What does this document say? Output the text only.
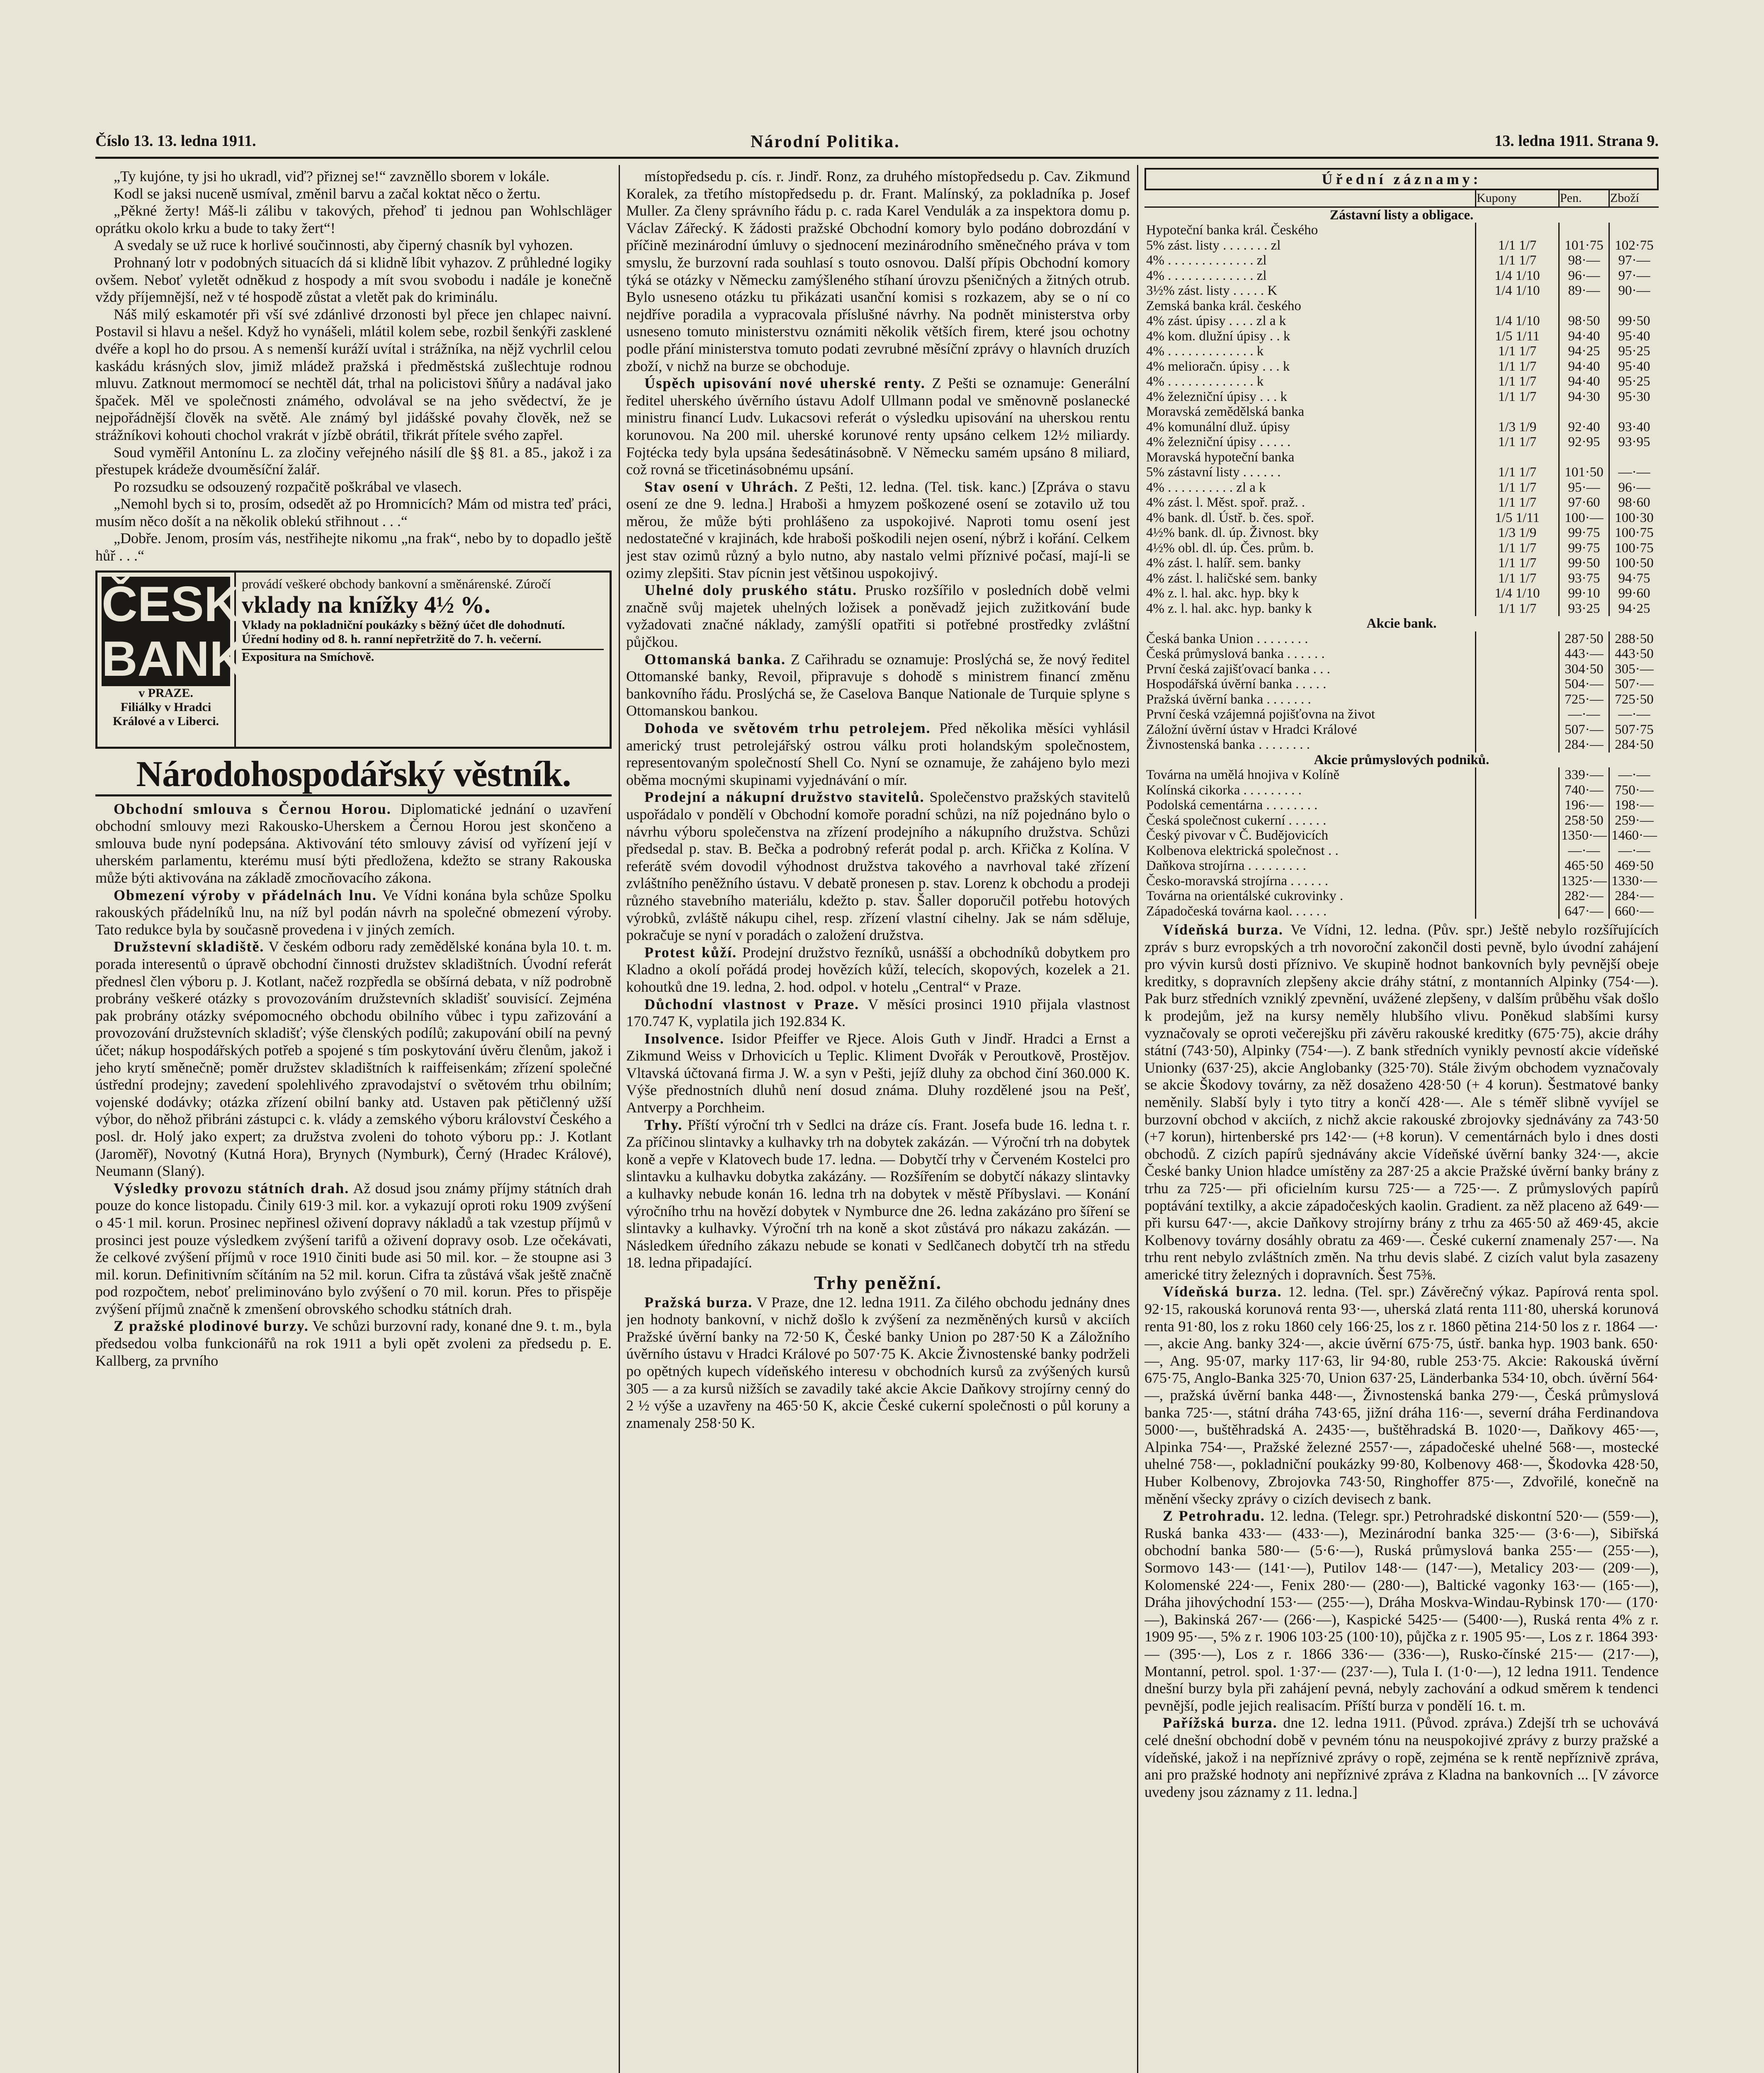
Číslo 13. 13. ledna 1911.	Národní Politika.	13. ledna 1911. Strana 9.

„Ty kujóne, ty jsi ho ukradl, viď? přiznej se!“ zavzněllo sborem v lokále.

Kodl se jaksi nuceně usmíval, změnil barvu a začal koktat něco o žertu.

„Pěkné žerty! Máš-li zálibu v takových, přehoď ti jednou pan Wohlschläger oprátku okolo krku a bude to taky žert“!

A svedaly se už ruce k horlivé součinnosti, aby čiperný chasník byl vyhozen.

Prohnaný lotr v podobných situacích dá si klidně líbit vyhazov. Z průhledné logiky ovšem. Neboť vyletět odněkud z hospody a mít svou svobodu i nadále je konečně vždy příjemnější, než v té hospodě zůstat a vletět pak do kriminálu.

Náš milý eskamotér při vší své zdánlivé drzonosti byl přece jen chlapec naivní. Postavil si hlavu a nešel. Když ho vynášeli, mlátil kolem sebe, rozbil šenkýři zasklené dvéře a kopl ho do prsou. A s nemenší kuráží uvítal i strážníka, na nějž vychrlil celou kaskádu krásných slov, jimiž mládež pražská i předměstská zušlechtuje rodnou mluvu. Zatknout mermomocí se nechtěl dát, trhal na policistovi šňůry a nadával jako špaček. Měl ve společnosti známého, odvolával se na jeho svědectví, že je nejpořádnější člověk na světě. Ale známý byl jidášské povahy člověk, než se strážníkovi kohouti chochol vrakrát v jízbě obrátil, třikrát přítele svého zapřel.

Soud vyměřil Antonínu L. za zločiny veřejného násilí dle §§ 81. a 85., jakož i za přestupek krádeže dvouměsíční žalář.

Po rozsudku se odsouzený rozpačitě poškrábal ve vlasech.

„Nemohl bych si to, prosím, odsedět až po Hromnicích? Mám od mistra teď práci, musím něco došít a na několik oblekú střihnout . . .“

„Dobře. Jenom, prosím vás, nestřihejte nikomu „na frak“, nebo by to dopadlo ještě hůř . . .“

ČESKÁ
BANKA
v PRAZE.
Filiálky v Hradci Králové a v Liberci.
provádí veškeré obchody bankovní a směnárenské. Zúročí
vklady na knížky 4½ %.
Vklady na pokladniční poukázky s běžný účet dle dohodnutí.
Úřední hodiny od 8. h. ranní nepřetržitě do 7. h. večerní.
Expositura na Smíchově.
Národohospodářský věstník.

Obchodní smlouva s Černou Horou. Diplomatické jednání o uzavření obchodní smlouvy mezi Rakousko-Uherskem a Černou Horou jest skončeno a smlouva bude nyní podepsána. Aktivování této smlouvy závisí od vyřízení její v uherském parlamentu, kterému musí býti předložena, kdežto se strany Rakouska může býti aktivována na základě zmocňovacího zákona.

Obmezení výroby v přádelnách lnu. Ve Vídni konána byla schůze Spolku rakouských přádelníků lnu, na níž byl podán návrh na společné obmezení výroby. Tato redukce byla by současně provedena i v jiných zemích.

Družstevní skladiště. V českém odboru rady zemědělské konána byla 10. t. m. porada interesentů o úpravě obchodní činnosti družstev skladištních. Úvodní referát přednesl člen výboru p. J. Kotlant, načež rozpředla se obšírná debata, v níž podrobně probrány veškeré otázky s provozováním družstevních skladišť souvisící. Zejména pak probrány otázky svépomocného obchodu obilního vůbec i typu zařizování a provozování družstevních skladišť; výše členských podílů; zakupování obilí na pevný účet; nákup hospodářských potřeb a spojené s tím poskytování úvěru členům, jakož i jeho krytí směnečně; poměr družstev skladištních k raiffeisenkám; zřízení společné ústřední prodejny; zavedení spolehlivého zpravodajství o světovém trhu obilním; vojenské dodávky; otázka zřízení obilní banky atd. Ustaven pak pětičlenný užší výbor, do něhož přibráni zástupci c. k. vlády a zemského výboru království Českého a posl. dr. Holý jako expert; za družstva zvoleni do tohoto výboru pp.: J. Kotlant (Jaroměř), Novotný (Kutná Hora), Brynych (Nymburk), Černý (Hradec Králové), Neumann (Slaný).

Výsledky provozu státních drah. Až dosud jsou známy příjmy státních drah pouze do konce listopadu. Činily 619·3 mil. kor. a vykazují oproti roku 1909 zvýšení o 45·1 mil. korun. Prosinec nepřinesl oživení dopravy nákladů a tak vzestup příjmů v prosinci jest pouze výsledkem zvýšení tarifů a oživení dopravy osob. Lze očekávati, že celkové zvýšení příjmů v roce 1910 činiti bude asi 50 mil. kor. – že stoupne asi 3 mil. korun. Definitivním sčítáním na 52 mil. korun. Cifra ta zůstává však ještě značně pod rozpočtem, neboť preliminováno bylo zvýšení o 70 mil. korun. Přes to přispěje zvýšení příjmů značně k zmenšení obrovského schodku státních drah.

Z pražské plodinové burzy. Ve schůzi burzovní rady, konané dne 9. t. m., byla předsedou volba funkcionářů na rok 1911 a byli opět zvoleni za předsedu p. E. Kallberg, za prvního

místopředsedu p. cís. r. Jindř. Ronz, za druhého místopředsedu p. Cav. Zikmund Koralek, za třetího místopředsedu p. dr. Frant. Malínský, za pokladníka p. Josef Muller. Za členy správního řádu p. c. rada Karel Vendulák a za inspektora domu p. Václav Zářecký. K žádosti pražské Obchodní komory bylo podáno dobrozdání v příčině mezinárodní úmluvy o sjednocení mezinárodního směnečného práva v tom smyslu, že burzovní rada souhlasí s touto osnovou. Další přípis Obchodní komory týká se otázky v Německu zamýšleného stíhaní úrovzu pšeničných a žitných otrub. Bylo usneseno otázku tu přikázati usanční komisi s rozkazem, aby se o ní co nejdříve poradila a vypracovala příslušné návrhy. Na podnět ministerstva orby usneseno tomuto ministerstvu oznámiti několik větších firem, které jsou ochotny podle přání ministerstva tomuto podati zevrubné měsíční zprávy o hlavních druzích zboží, v nichž na burze se obchoduje.

Úspěch upisování nové uherské renty. Z Pešti se oznamuje: Generální ředitel uherského úvěrního ústavu Adolf Ullmann podal ve směnovně poslanecké ministru financí Ludv. Lukacsovi referát o výsledku upisování na uherskou rentu korunovou. Na 200 mil. uherské korunové renty upsáno celkem 12½ miliardy. Fojtécka tedy byla upsána šedesátinásobně. V Německu samém upsáno 8 miliard, což rovná se třicetinásobnému upsání.

Stav osení v Uhrách. Z Pešti, 12. ledna. (Tel. tisk. kanc.) [Zpráva o stavu osení ze dne 9. ledna.] Hraboši a hmyzem poškozené osení se zotavilo už tou měrou, že může býti prohlášeno za uspokojivé. Naproti tomu osení jest nedostatečné v krajinách, kde hraboši poškodili nejen osení, nýbrž i kořání. Celkem jest stav ozimů různý a bylo nutno, aby nastalo velmi příznivé počasí, mají-li se ozimy zlepšiti. Stav pícnin jest většinou uspokojivý.

Uhelné doly pruského státu. Prusko rozšířilo v posledních době velmi značně svůj majetek uhelných ložisek a poněvadž jejich zužitkování bude vyžadovati značné náklady, zamýšlí opatřiti si potřebné prostředky zvláštní půjčkou.

Ottomanská banka. Z Cařihradu se oznamuje: Proslýchá se, že nový ředitel Ottomanské banky, Revoil, připravuje s dohodě s ministrem financí změnu bankovního řádu. Proslýchá se, že Caselova Banque Nationale de Turquie splyne s Ottomanskou bankou.

Dohoda ve světovém trhu petrolejem. Před několika měsíci vyhlásil americký trust petrolejářský ostrou válku proti holandským společnostem, representovaným společností Shell Co. Nyní se oznamuje, že zahájeno bylo mezi oběma mocnými skupinami vyjednávání o mír.

Prodejní a nákupní družstvo stavitelů. Společenstvo pražských stavitelů uspořádalo v pondělí v Obchodní komoře poradní schůzi, na níž pojednáno bylo o návrhu výboru společenstva na zřízení prodejního a nákupního družstva. Schůzi předsedal p. stav. B. Bečka a podrobný referát podal p. arch. Křička z Kolína. V referátě svém dovodil výhodnost družstva takového a navrhoval také zřízení zvláštního peněžního ústavu. V debatě pronesen p. stav. Lorenz k obchodu a prodeji různého stavebního materiálu, kdežto p. stav. Šaller doporučil potřebu hotových výrobků, zvláště nákupu cihel, resp. zřízení vlastní cihelny. Jak se nám sděluje, pokračuje se nyní v poradách o založení družstva.

Protest kůží. Prodejní družstvo řezníků, usnášší a obchodníků dobytkem pro Kladno a okolí pořádá prodej hovězích kůží, telecích, skopových, kozelek a 21. kohoutků dne 19. ledna, 2. hod. odpol. v hotelu „Central“ v Praze.

Důchodní vlastnost v Praze. V měsíci prosinci 1910 přijala vlastnost 170.747 K, vyplatila jich 192.834 K.

Insolvence. Isidor Pfeiffer ve Rjece. Alois Guth v Jindř. Hradci a Ernst a Zikmund Weiss v Drhovicích u Teplic. Kliment Dvořák v Peroutkově, Prostějov. Vltavská účtovaná firma J. W. a syn v Pešti, jejíž dluhy za obchod činí 360.000 K. Výše přednostních dluhů není dosud známa. Dluhy rozdělené jsou na Pešť, Antverpy a Porchheim.

Trhy. Příští výroční trh v Sedlci na dráze cís. Frant. Josefa bude 16. ledna t. r. Za příčinou slintavky a kulhavky trh na dobytek zakázán. — Výroční trh na dobytek koně a vepře v Klatovech bude 17. ledna. — Dobytčí trhy v Červeném Kostelci pro slintavku a kulhavku dobytka zakázány. — Rozšířením se dobytčí nákazy slintavky a kulhavky nebude konán 16. ledna trh na dobytek v městě Příbyslavi. — Konání výročního trhu na hovězí dobytek v Nymburce dne 26. ledna zakázáno pro šíření se slintavky a kulhavky. Výroční trh na koně a skot zůstává pro nákazu zakázán. — Následkem úředního zákazu nebude se konati v Sedlčanech dobytčí trh na středu 18. ledna připadající.

Trhy peněžní.

Pražská burza. V Praze, dne 12. ledna 1911. Za čilého obchodu jednány dnes jen hodnoty bankovní, v nichž došlo k zvýšení za nezměněných kursů v akciích Pražské úvěrní banky na 72·50 K, České banky Union po 287·50 K a Záložního úvěrního ústavu v Hradci Králové po 507·75 K. Akcie Živnostenské banky podrželi po opětných kupech vídeňského interesu v obchodních kursů za zvýšených kursů 305 — a za kursů nižších se zavadily také akcie Akcie Daňkovy strojírny cenný do 2 ½ výše a uzavřeny na 465·50 K, akcie České cukerní společnosti o půl koruny a znamenaly 258·50 K.

Úřední záznamy:
	Kupony	Pen.	Zboží
Zástavní listy a obligace.			
Hypoteční banka král. Českého			
5% zást. listy . . . . . . . zl	1/1 1/7	101·75	102·75
4% . . . . . . . . . . . . . zl	1/1 1/7	98·—	97·—
4% . . . . . . . . . . . . . zl	1/4 1/10	96·—	97·—
3½% zást. listy . . . . . K	1/4 1/10	89·—	90·—
Zemská banka král. českého			
4% zást. úpisy . . . . zl a k	1/4 1/10	98·50	99·50
4% kom. dlužní úpisy . . k	1/5 1/11	94·40	95·40
4% . . . . . . . . . . . . . k	1/1 1/7	94·25	95·25
4% melioračn. úpisy . . . k	1/1 1/7	94·40	95·40
4% . . . . . . . . . . . . . k	1/1 1/7	94·40	95·25
4% železniční úpisy . . . k	1/1 1/7	94·30	95·30
Moravská zemědělská banka			
4% komunální dluž. úpisy	1/3 1/9	92·40	93·40
4% železniční úpisy . . . . .	1/1 1/7	92·95	93·95
Moravská hypoteční banka			
5% zástavní listy . . . . . .	1/1 1/7	101·50	—·—
4% . . . . . . . . . . zl a k	1/1 1/7	95·—	96·—
4% zást. l. Měst. spoř. praž. .	1/1 1/7	97·60	98·60
4% bank. dl. Ústř. b. čes. spoř.	1/5 1/11	100·—	100·30
4½% bank. dl. úp. Živnost. bky	1/3 1/9	99·75	100·75
4½% obl. dl. úp. Čes. prům. b.	1/1 1/7	99·75	100·75
4% zást. l. halíř. sem. banky	1/1 1/7	99·50	100·50
4% zást. l. haličské sem. banky	1/1 1/7	93·75	94·75
4% z. l. hal. akc. hyp. bky k	1/4 1/10	99·10	99·60
4% z. l. hal. akc. hyp. banky k	1/1 1/7	93·25	94·25
Akcie bank.			
Česká banka Union . . . . . . . .		287·50	288·50
Česká průmyslová banka . . . . . .		443·—	443·50
První česká zajišťovací banka . . .		304·50	305·—
Hospodářská úvěrní banka . . . . .		504·—	507·—
Pražská úvěrní banka . . . . . . .		725·—	725·50
První česká vzájemná pojišťovna na život		—·—	—·—
Záložní úvěrní ústav v Hradci Králové		507·—	507·75
Živnostenská banka . . . . . . . .		284·—	284·50
Akcie průmyslových podniků.			
Továrna na umělá hnojiva v Kolíně		339·—	—·—
Kolínská cikorka . . . . . . . . .		740·—	750·—
Podolská cementárna . . . . . . . .		196·—	198·—
Česká společnost cukerní . . . . . .		258·50	259·—
Český pivovar v Č. Budějovicích		1350·—	1460·—
Kolbenova elektrická společnost . .		—·—	—·—
Daňkova strojírna . . . . . . . . .		465·50	469·50
Česko-moravská strojírna . . . . . .		1325·—	1330·—
Továrna na orientálské cukrovinky .		282·—	284·—
Západočeská továrna kaol. . . . . .		647·—	660·—

Vídeňská burza. Ve Vídni, 12. ledna. (Pův. spr.) Ještě nebylo rozšířujících zpráv s burz evropských a trh novoroční zakončil dosti pevně, bylo úvodní zahájení pro vývin kursů dosti příznivo. Ve skupině hodnot bankovních byly pevnější obeje kreditky, s dopravních zlepšeny akcie dráhy státní, z montanních Alpinky (754·—). Pak burz středních vzniklý zpevnění, uvážené zlepšeny, v dalším průběhu však došlo k prodejům, jež na kursy neměly hlubšího vlivu. Poněkud slabšími kursy vyznačovaly se oproti večerejšku při závěru rakouské kreditky (675·75), akcie dráhy státní (743·50), Alpinky (754·—). Z bank středních vynikly pevností akcie vídeňské Unionky (637·25), akcie Anglobanky (325·70). Stále živým obchodem vyznačovaly se akcie Škodovy továrny, za něž dosaženo 428·50 (+ 4 korun). Šestmatové banky neměnily. Slabší byly i tyto titry a končí 428·—. Ale s téměř slibně vyvíjel se burzovní obchod v akciích, z nichž akcie rakouské zbrojovky sjednávány za 743·50 (+7 korun), hirtenberské prs 142·— (+8 korun). V cementárnách bylo i dnes dosti obchodů. Z cizích papírů sjednávány akcie Vídeňské úvěrní banky 324·—, akcie České banky Union hladce umístěny za 287·25 a akcie Pražské úvěrní banky brány z trhu za 725·— při oficielním kursu 725·— a 725·—. Z průmyslových papírů poptávání textilky, a akcie západočeských kaolin. Gradient. za něž placeno až 649·— při kursu 647·—, akcie Daňkovy strojírny brány z trhu za 465·50 až 469·45, akcie Kolbenovy továrny dosáhly obratu za 469·—. České cukerní znamenaly 257·—. Na trhu rent nebylo zvláštních změn. Na trhu devis slabé. Z cizích valut byla zasazeny americké titry železných i dopravních. Šest 75⅜.

Vídeňská burza. 12. ledna. (Tel. spr.) Závěrečný výkaz. Papírová renta spol. 92·15, rakouská korunová renta 93·—, uherská zlatá renta 111·80, uherská korunová renta 91·80, los z roku 1860 cely 166·25, los z r. 1860 pětina 214·50 los z r. 1864 —·—, akcie Ang. banky 324·—, akcie úvěrní 675·75, ústř. banka hyp. 1903 bank. 650·—, Ang. 95·07, marky 117·63, lir 94·80, ruble 253·75. Akcie: Rakouská úvěrní 675·75, Anglo-Banka 325·70, Union 637·25, Länderbanka 534·10, obch. úvěrní 564·—, pražská úvěrní banka 448·—, Živnostenská banka 279·—, Česká průmyslová banka 725·—, státní dráha 743·65, jižní dráha 116·—, severní dráha Ferdinandova 5000·—, buštěhradská A. 2435·—, buštěhradská B. 1020·—, Daňkovy 465·—, Alpinka 754·—, Pražské železné 2557·—, západočeské uhelné 568·—, mostecké uhelné 758·—, pokladniční poukázky 99·80, Kolbenovy 468·—, Škodovka 428·50, Huber Kolbenovy, Zbrojovka 743·50, Ringhoffer 875·—, Zdvořilé, konečně na měnění všecky zprávy o cizích devisech z bank.

Z Petrohradu. 12. ledna. (Telegr. spr.) Petrohradské diskontní 520·— (559·—), Ruská banka 433·— (433·—), Mezinárodní banka 325·— (3·6·—), Sibiřská obchodní banka 580·— (5·6·—), Ruská průmyslová banka 255·— (255·—), Sormovo 143·— (141·—), Putilov 148·— (147·—), Metalicy 203·— (209·—), Kolomenské 224·—, Fenix 280·— (280·—), Baltické vagonky 163·— (165·—), Dráha jihovýchodní 153·— (255·—), Dráha Moskva-Windau-Rybinsk 170·— (170·—), Bakinská 267·— (266·—), Kaspické 5425·— (5400·—), Ruská renta 4% z r. 1909 95·—, 5% z r. 1906 103·25 (100·10), půjčka z r. 1905 95·—, Los z r. 1864 393·— (395·—), Los z r. 1866 336·— (336·—), Rusko-čínské 215·— (217·—), Montanní, petrol. spol. 1·37·— (237·—), Tula I. (1·0·—), 12 ledna 1911. Tendence dnešní burzy byla při zahájení pevná, nebyly zachování a odkud směrem k tendenci pevnější, podle jejich realisacím. Příští burza v pondělí 16. t. m.

Pařížská burza. dne 12. ledna 1911. (Původ. zpráva.) Zdejší trh se uchovává celé dnešní obchodní době v pevném tónu na neuspokojivé zprávy z burzy pražské a vídeňské, jakož i na nepříznivé zprávy o ropě, zejména se k rentě nepříznivě zpráva, ani pro pražské hodnoty ani nepříznivé zpráva z Kladna na bankovních ... [V závorce uvedeny jsou záznamy z 11. ledna.]
